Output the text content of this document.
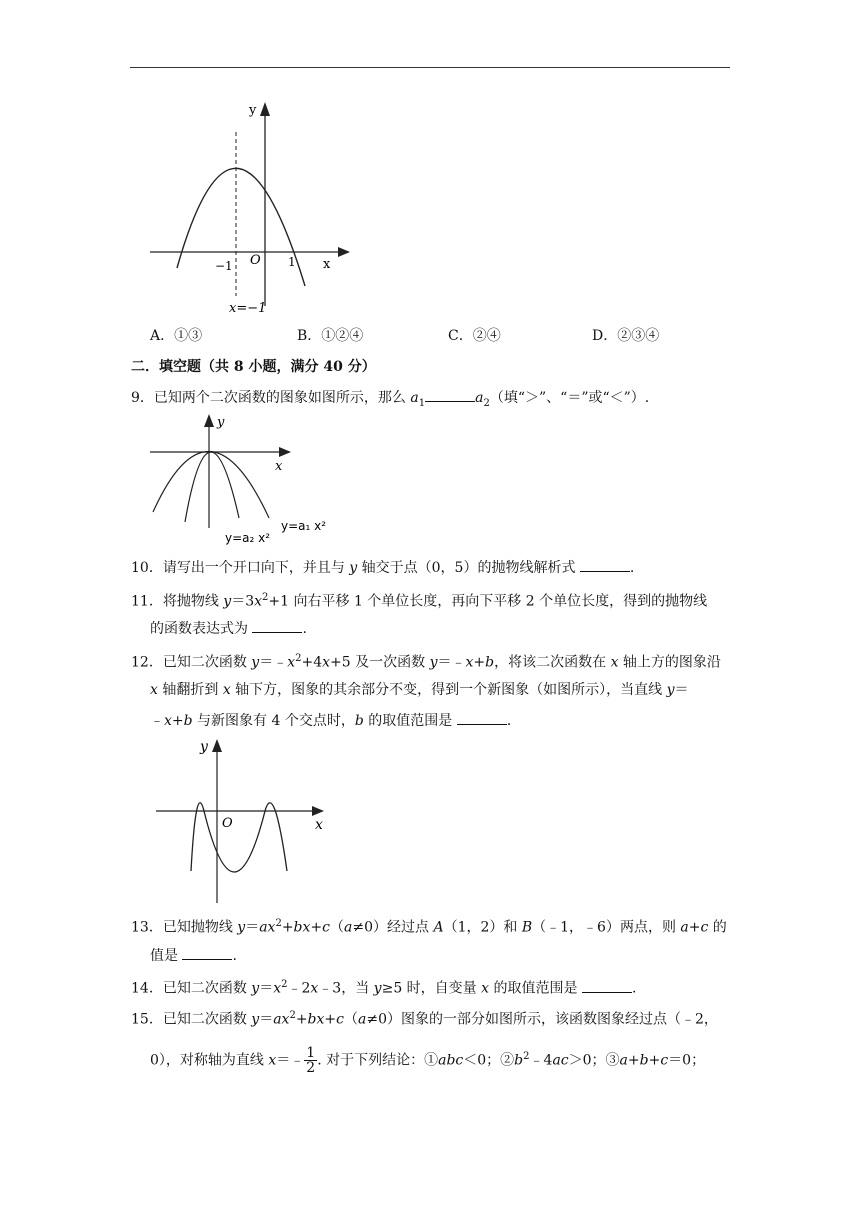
y
x
O
−1	1
x=−1
A．①③	B．①②④	C．②④	D．②③④
二．填空题（共 8 小题，满分 40 分）
9．已知两个二次函数的图象如图所示，那么 $a_1$	$a_2$（填“＞”、“＝”或“＜”）.
y
x
y=a₂ x²
y=a₁ x²
10．请写出一个开口向下，并且与 y 轴交于点（0，5）的抛物线解析式	.
11．将抛物线 $y=3x^2+1$ 向右平移 1 个单位长度，再向下平移 2 个单位长度，得到的抛物线
的函数表达式为	.
12．已知二次函数 $y=﹣x^2+4x+5$ 及一次函数 y＝﹣x+b，将该二次函数在 x 轴上方的图象沿
x 轴翻折到 x 轴下方，图象的其余部分不变，得到一个新图象（如图所示），当直线 y＝
﹣x+b 与新图象有 4 个交点时，b 的取值范围是	.
y
x
O
13．已知抛物线 $y=ax^2+bx+c(a\ne 0)$经过点 A（1，2）和 B（﹣1，﹣6）两点，则 a+c 的
值是	.
14．已知二次函数 $y=x^2﹣2x﹣3$，当 y≥5 时，自变量 x 的取值范围是	.
15．已知二次函数 $y=ax^2+bx+c(a\ne 0)$图象的一部分如图所示，该函数图象经过点（﹣2，
0），对称轴为直线 x＝﹣ $\frac{1}{2}$ . 对于下列结论：①abc＜0；$②b^2﹣4ac>0$；③a+b+c＝0；
